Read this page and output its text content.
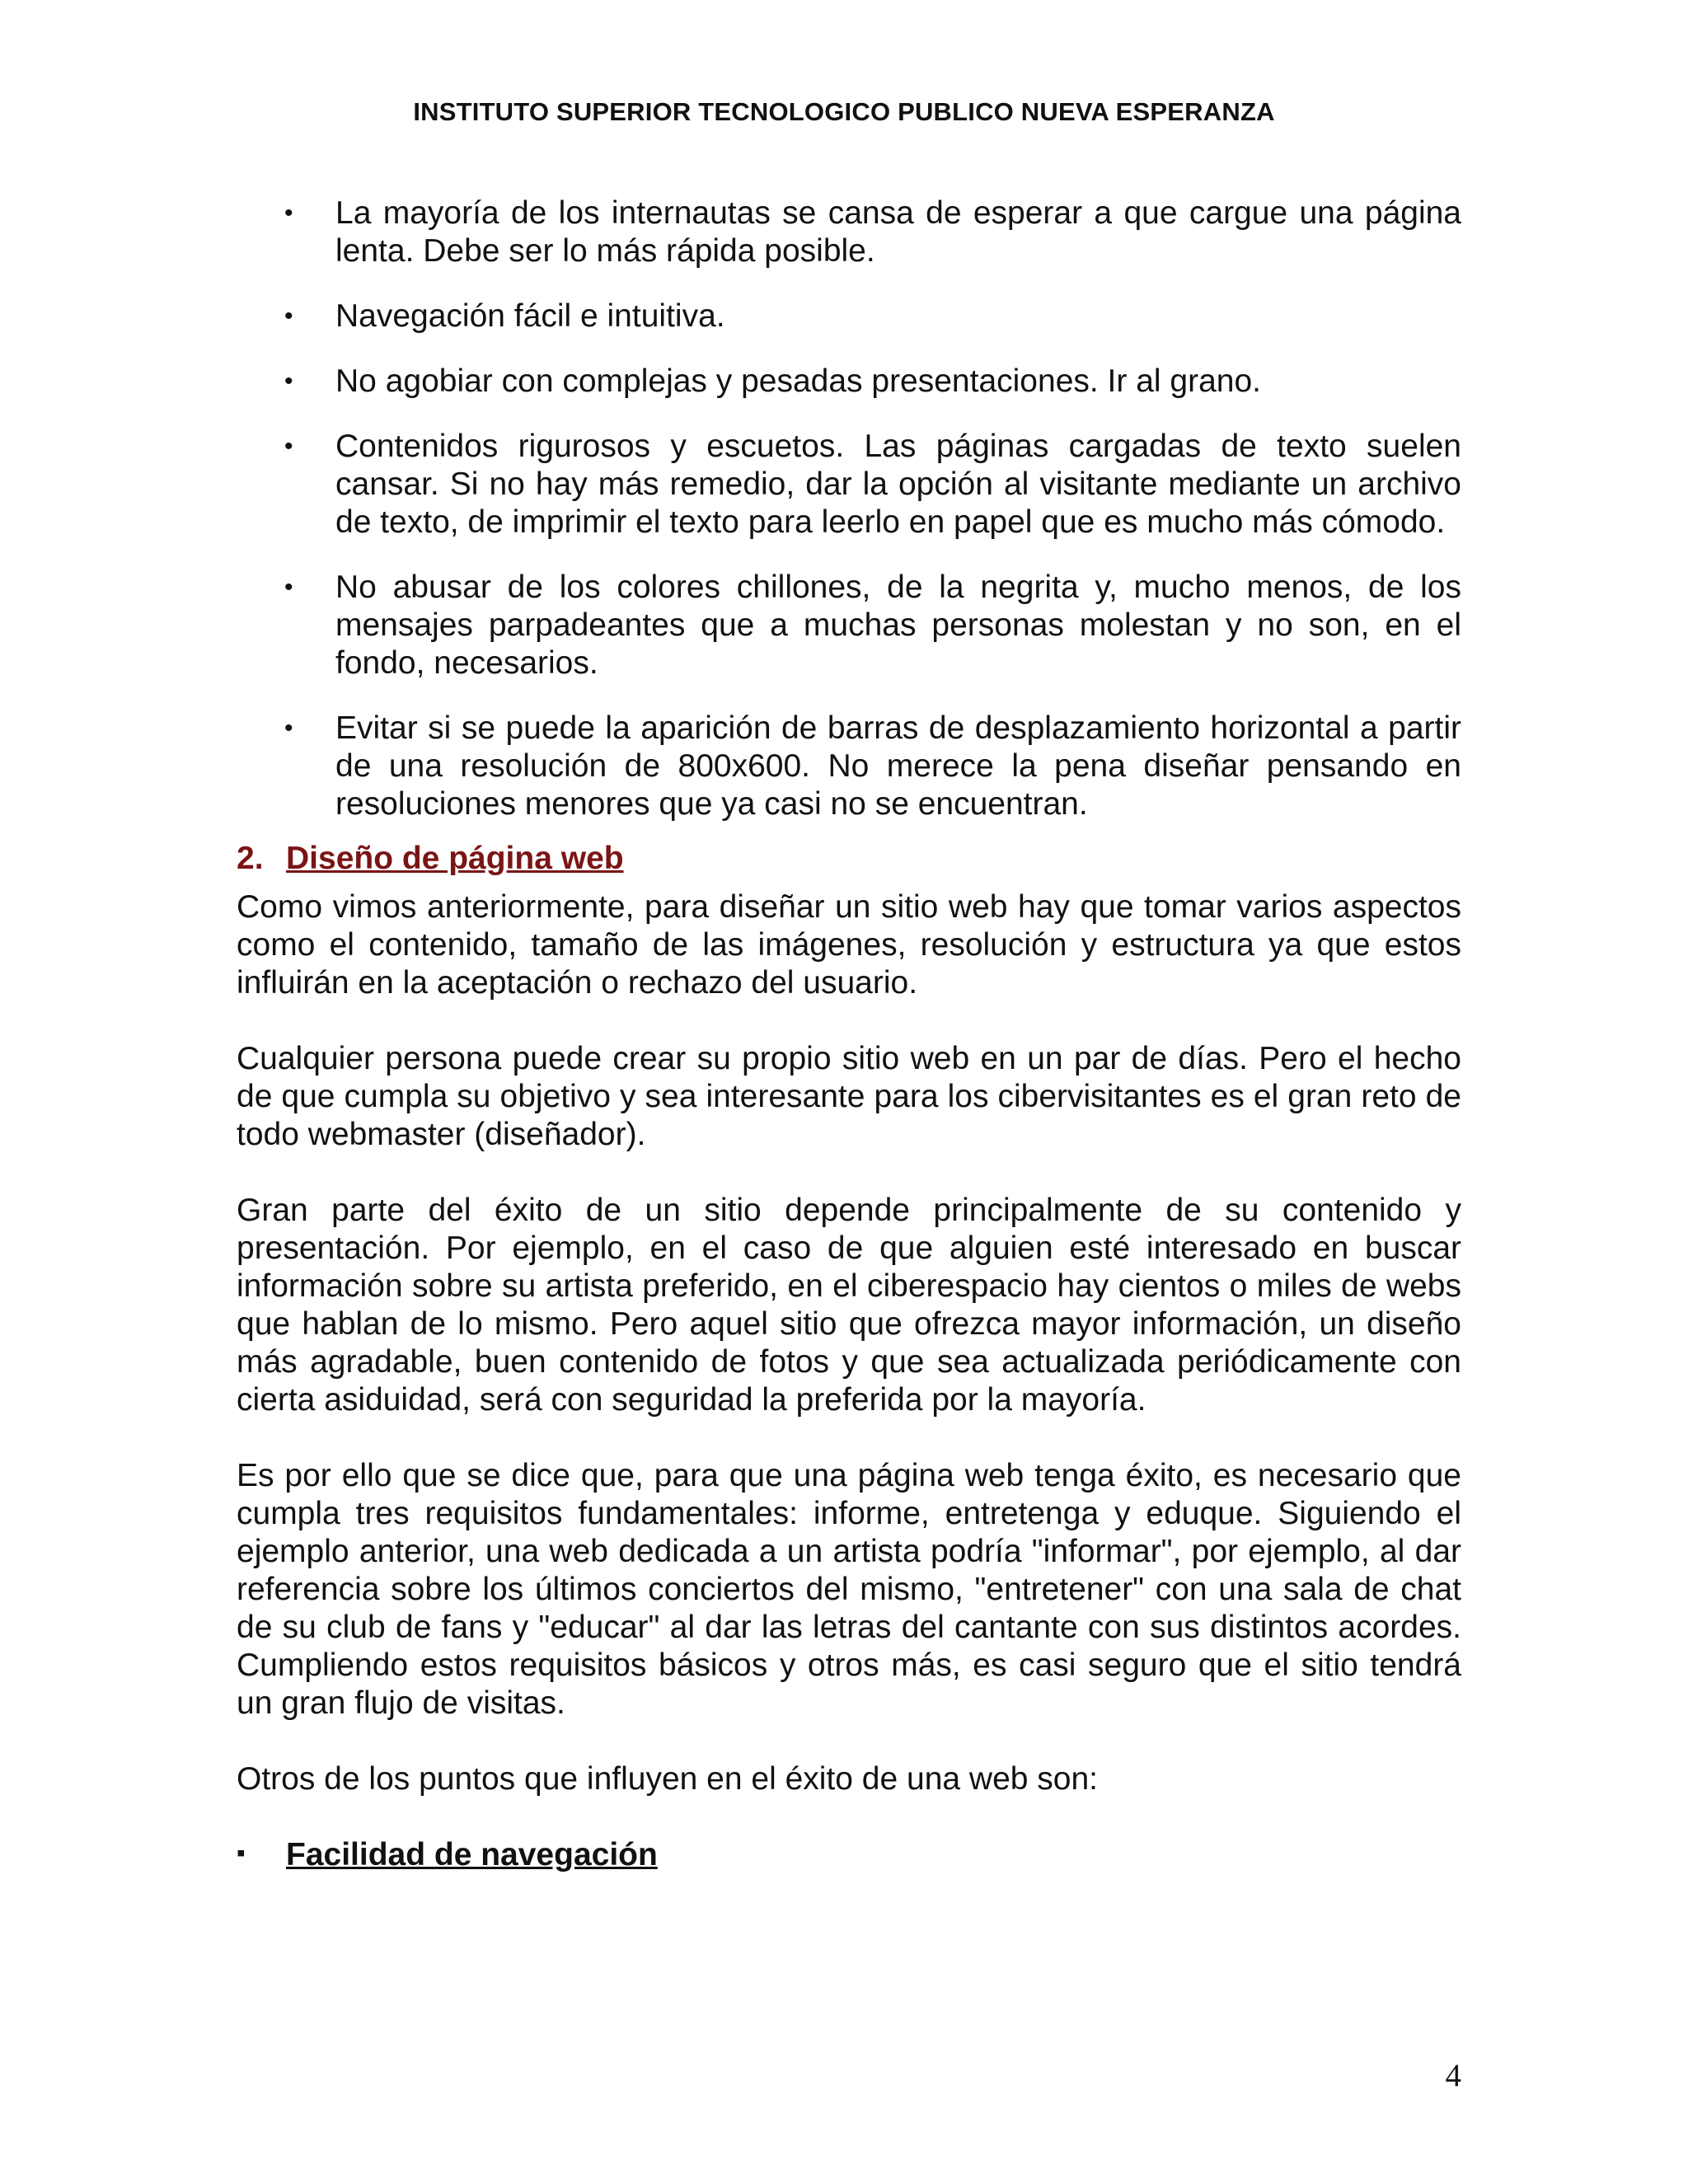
INSTITUTO SUPERIOR TECNOLOGICO PUBLICO NUEVA ESPERANZA
• La mayoría de los internautas se cansa de esperar a que cargue una página lenta. Debe ser lo más rápida posible.
• Navegación fácil e intuitiva.
• No agobiar con complejas y pesadas presentaciones. Ir al grano.
• Contenidos rigurosos y escuetos. Las páginas cargadas de texto suelen cansar. Si no hay más remedio, dar la opción al visitante mediante un archivo de texto, de imprimir el texto para leerlo en papel que es mucho más cómodo.
• No abusar de los colores chillones, de la negrita y, mucho menos, de los mensajes parpadeantes que a muchas personas molestan y no son, en el fondo, necesarios.
• Evitar si se puede la aparición de barras de desplazamiento horizontal a partir de una resolución de 800x600. No merece la pena diseñar pensando en resoluciones menores que ya casi no se encuentran.
2. Diseño de página web

Como vimos anteriormente, para diseñar un sitio web hay que tomar varios aspectos como el contenido, tamaño de las imágenes, resolución y estructura ya que estos influirán en la aceptación o rechazo del usuario.

Cualquier persona puede crear su propio sitio web en un par de días. Pero el hecho de que cumpla su objetivo y sea interesante para los cibervisitantes es el gran reto de todo webmaster (diseñador).

Gran parte del éxito de un sitio depende principalmente de su contenido y presentación. Por ejemplo, en el caso de que alguien esté interesado en buscar información sobre su artista preferido, en el ciberespacio hay cientos o miles de webs que hablan de lo mismo. Pero aquel sitio que ofrezca mayor información, un diseño más agradable, buen contenido de fotos y que sea actualizada periódicamente con cierta asiduidad, será con seguridad la preferida por la mayoría.

Es por ello que se dice que, para que una página web tenga éxito, es necesario que cumpla tres requisitos fundamentales: informe, entretenga y eduque. Siguiendo el ejemplo anterior, una web dedicada a un artista podría "informar", por ejemplo, al dar referencia sobre los últimos conciertos del mismo, "entretener" con una sala de chat de su club de fans y "educar" al dar las letras del cantante con sus distintos acordes. Cumpliendo estos requisitos básicos y otros más, es casi seguro que el sitio tendrá un gran flujo de visitas.

Otros de los puntos que influyen en el éxito de una web son:

▪ Facilidad de navegación
4
